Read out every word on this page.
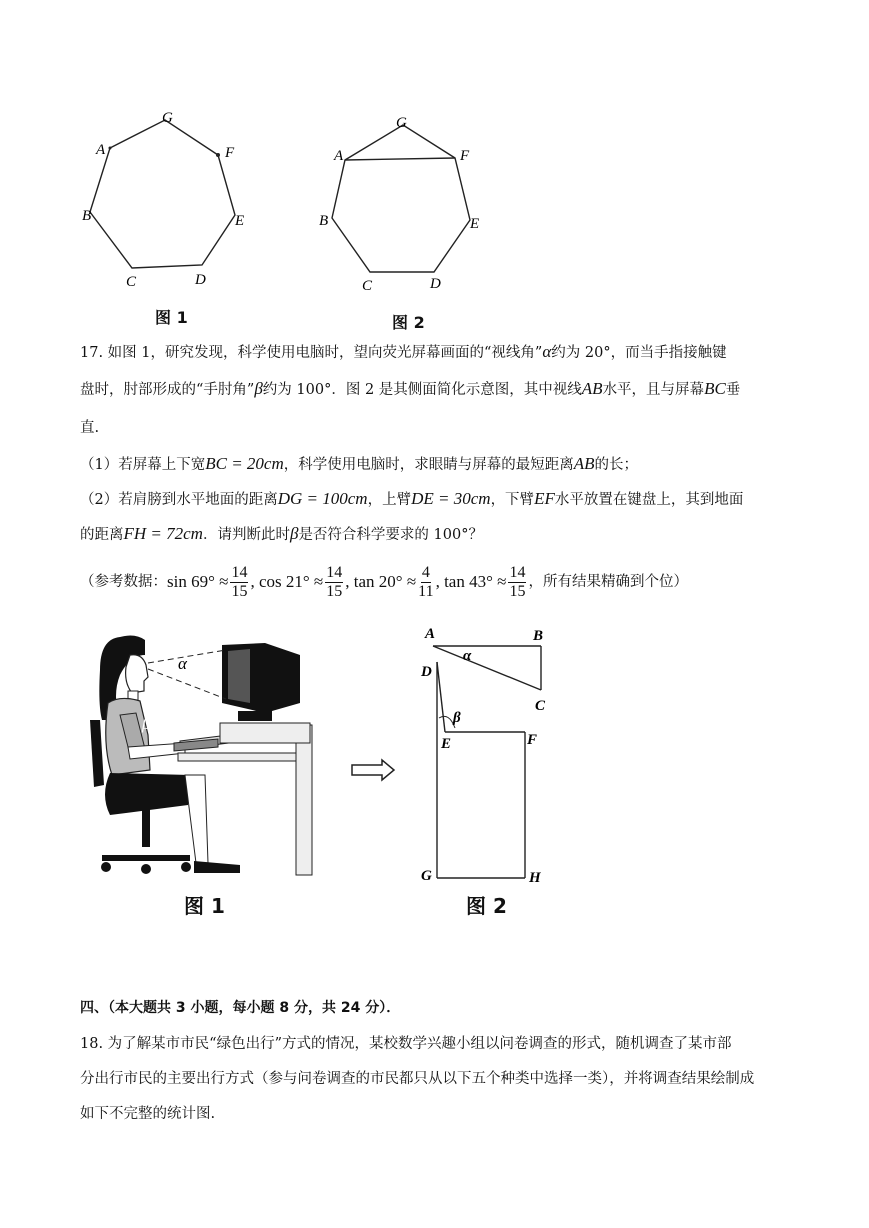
G
F
A
B	E
C	D
图 1
G
A	F
B	E
C	D
图 2
17. 如图 1，研究发现，科学使用电脑时，望向荧光屏幕画面的“视线角”α约为 20°，而当手指接触键
盘时，肘部形成的“手肘角”β约为 100°．图 2 是其侧面简化示意图，其中视线AB水平，且与屏幕BC垂
直.
（1）若屏幕上下宽BC = 20cm，科学使用电脑时，求眼睛与屏幕的最短距离AB的长；
（2）若肩膀到水平地面的距离DG = 100cm，上臂DE = 30cm，下臂EF水平放置在键盘上，其到地面
的距离FH = 72cm．请判断此时β是否符合科学要求的 100°？
（参考数据： $\sin 69^\circ \approx \frac{14}{15}$ , $\cos 21^\circ \approx \frac{14}{15}$ , $\tan 20^\circ \approx \frac{4}{11}$ , $\tan 43^\circ \approx \frac{14}{15}$ ，所有结果精确到个位）
α
β
图 1
A	B
C
α
D
β
E	F
G	H
图 2
四、（本大题共 3 小题，每小题 8 分，共 24 分）．
18. 为了解某市市民“绿色出行”方式的情况，某校数学兴趣小组以问卷调查的形式，随机调查了某市部
分出行市民的主要出行方式（参与问卷调查的市民都只从以下五个种类中选择一类），并将调查结果绘制成
如下不完整的统计图.
